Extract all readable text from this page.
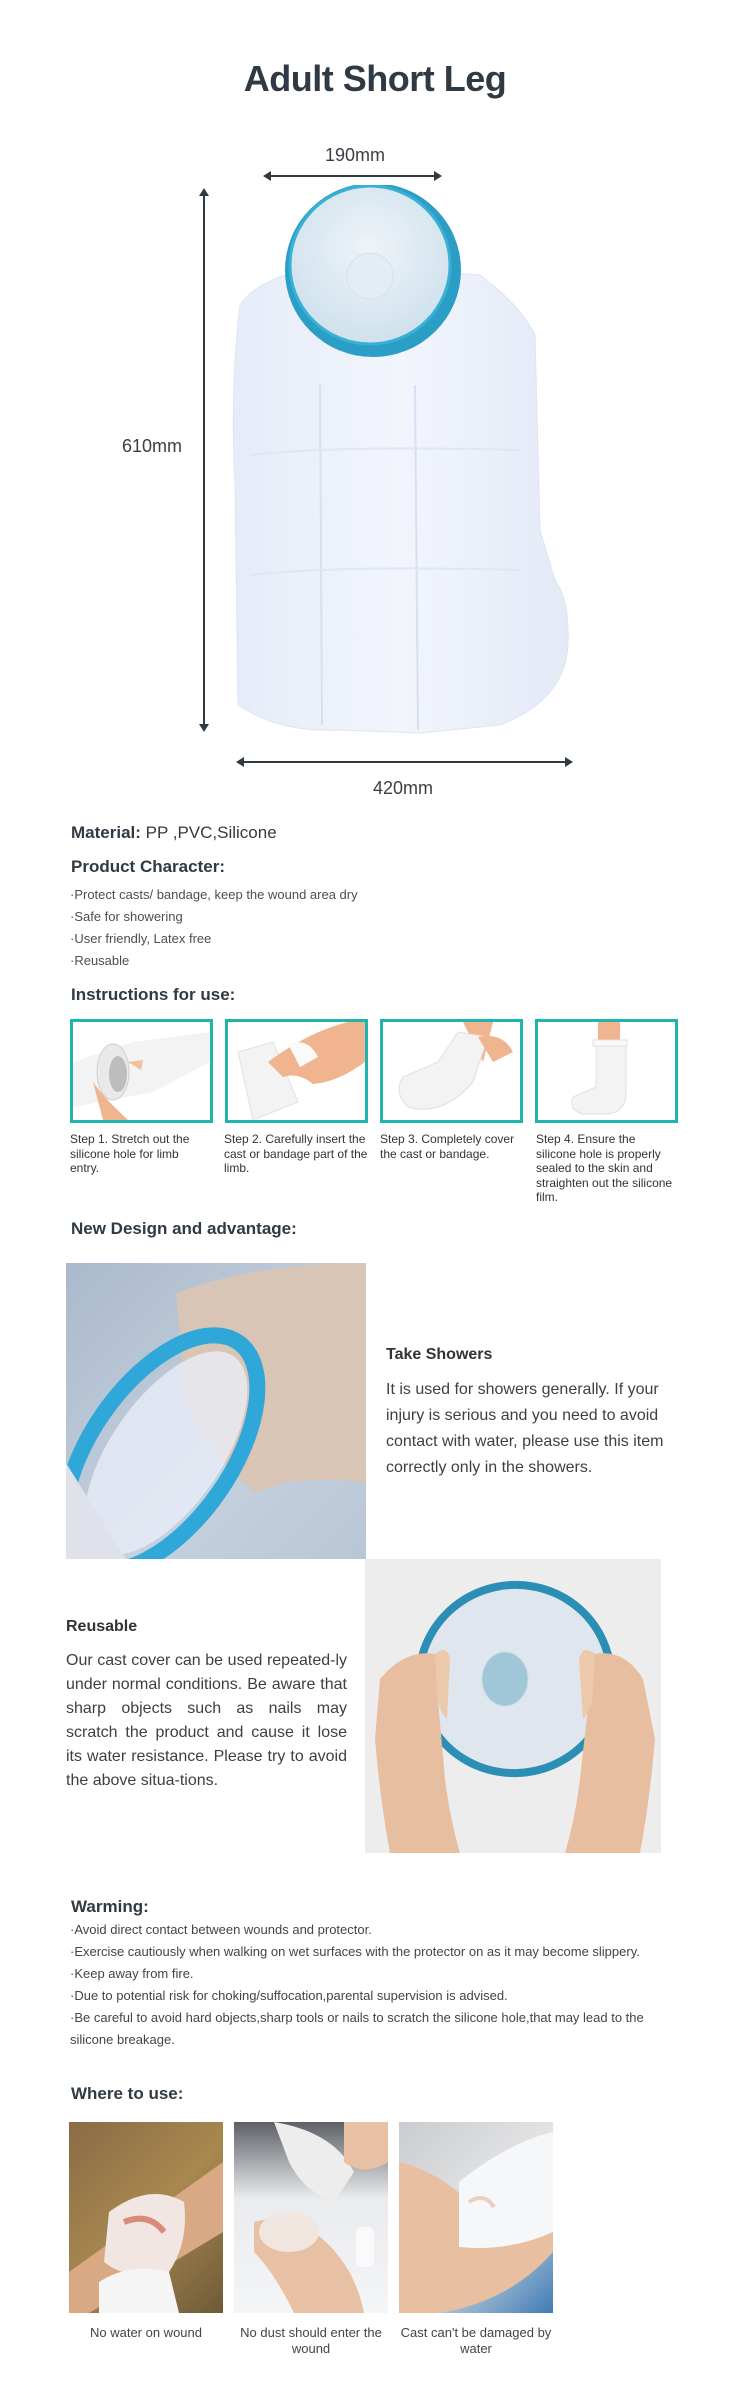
Adult Short Leg
190mm
610mm
420mm
Material: PP ,PVC,Silicone
Product Character:
·Protect casts/ bandage, keep the wound area dry
·Safe for showering
·User friendly, Latex free
·Reusable
Instructions for use:
Step 1. Stretch out the silicone hole for limb entry.
Step 2. Carefully insert the cast or bandage part of the limb.
Step 3. Completely cover the cast or bandage.
Step 4. Ensure the silicone hole is properly sealed to the skin and straighten out the silicone film.
New Design and advantage:
Take Showers
It is used for showers generally. If your injury is serious and you need to avoid contact with water, please use this item correctly only in the showers.
Reusable
Our cast cover can be used repeated-ly under normal conditions. Be aware that sharp objects such as nails may scratch the product and cause it lose its water resistance. Please try to avoid the above situa-tions.
Warming:
·Avoid direct contact between wounds and protector.
·Exercise cautiously when walking on wet surfaces with the protector on as it may become slippery.
·Keep away from fire.
·Due to potential risk for choking/suffocation,parental supervision is advised.
·Be careful to avoid hard objects,sharp tools or nails to scratch the silicone hole,that may lead to the silicone breakage.
Where to use:
No water on wound	No dust should enter the wound
Cast can't be damaged by water
